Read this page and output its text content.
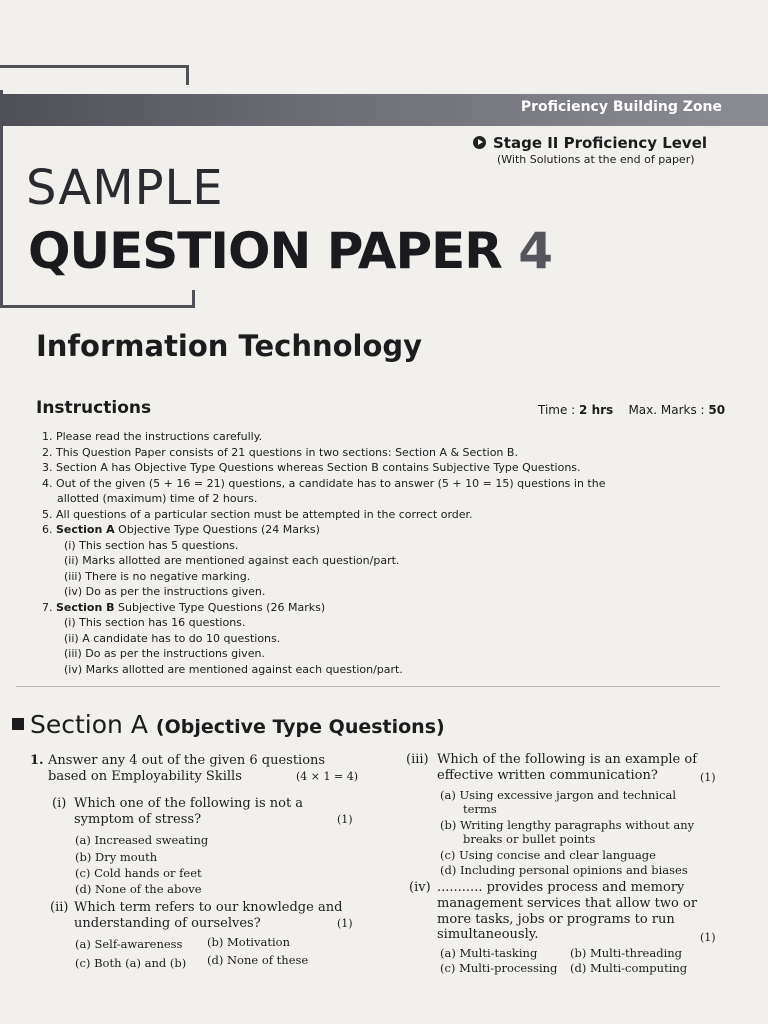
Proficiency Building Zone
Stage II Proficiency Level
(With Solutions at the end of paper)
SAMPLE
QUESTION PAPER 4
Information Technology
Instructions	Time : 2 hrs Max. Marks : 50
1. Please read the instructions carefully.
2. This Question Paper consists of 21 questions in two sections: Section A & Section B.
3. Section A has Objective Type Questions whereas Section B contains Subjective Type Questions.
4. Out of the given (5 + 16 = 21) questions, a candidate has to answer (5 + 10 = 15) questions in the
allotted (maximum) time of 2 hours.
5. All questions of a particular section must be attempted in the correct order.
6. Section A Objective Type Questions (24 Marks)
(i) This section has 5 questions.
(ii) Marks allotted are mentioned against each question/part.
(iii) There is no negative marking.
(iv) Do as per the instructions given.
7. Section B Subjective Type Questions (26 Marks)
(i) This section has 16 questions.
(ii) A candidate has to do 10 questions.
(iii) Do as per the instructions given.
(iv) Marks allotted are mentioned against each question/part.
Section A (Objective Type Questions)
1. Answer any 4 out of the given 6 questions
based on Employability Skills	(4 × 1 = 4)
(i) Which one of the following is not a
symptom of stress?	(1)
(a) Increased sweating
(b) Dry mouth
(c) Cold hands or feet
(d) None of the above
(ii) Which term refers to our knowledge and
understanding of ourselves?	(1)
(a) Self-awareness (b) Motivation
(c) Both (a) and (b) (d) None of these
(iii) Which of the following is an example of
effective written communication?	(1)
(a) Using excessive jargon and technical
terms
(b) Writing lengthy paragraphs without any
breaks or bullet points
(c) Using concise and clear language
(d) Including personal opinions and biases
(iv) ........... provides process and memory
management services that allow two or
more tasks, jobs or programs to run
simultaneously.	(1)
(a) Multi-tasking	(b) Multi-threading
(c) Multi-processing (d) Multi-computing
